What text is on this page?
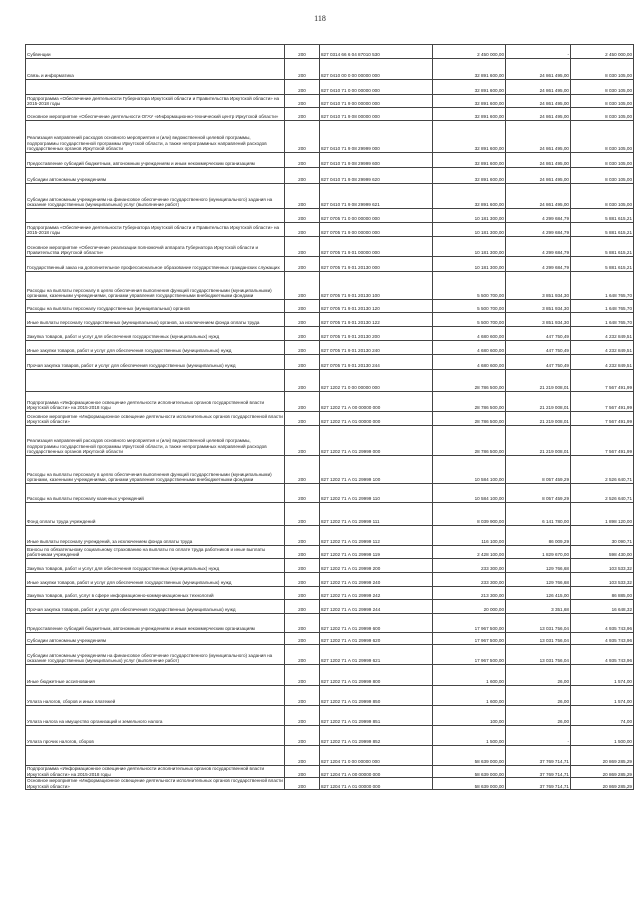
118
Субвенции	200	827 0314 66 6 04 87010 530	2 450 000,00	-	2 450 000,00
Связь и информатика	200	827 0410 00 0 00 00000 000	32 891 600,00	24 861 495,00	8 030 105,00
	200	827 0410 71 0 00 00000 000	32 891 600,00	24 861 495,00	8 030 105,00
Подпрограмма «Обеспечение деятельности Губернатора Иркутской области и Правительства Иркутской области» на 2015-2018 годы	200	827 0410 71 9 00 00000 000	32 891 600,00	24 861 495,00	8 030 105,00
Основное мероприятие «Обеспечение деятельности ОГАУ «Информационно-технический центр Иркутской области»	200	827 0410 71 9 08 00000 000	32 891 600,00	24 861 495,00	8 030 105,00
Реализация направлений расходов основного мероприятия и (или) ведомственной целевой программы, подпрограммы государственной программы Иркутской области, а также непрограммных направлений расходов государственных органов Иркутской области	200	827 0410 71 9 08 29999 000	32 891 600,00	24 861 495,00	8 030 105,00
Предоставление субсидий бюджетным, автономным учреждениям и иным некоммерческим организациям	200	827 0410 71 9 08 29999 600	32 891 600,00	24 861 495,00	8 030 105,00
Субсидии автономным учреждениям	200	827 0410 71 9 08 29999 620	32 891 600,00	24 861 495,00	8 030 105,00
Субсидии автономным учреждениям на финансовое обеспечение государственного (муниципального) задания на оказание государственных (муниципальных) услуг (выполнение работ)	200	827 0410 71 9 08 29999 621	32 891 600,00	24 861 495,00	8 030 105,00
	200	827 0705 71 0 00 00000 000	10 181 300,00	4 299 684,79	5 881 615,21
Подпрограмма «Обеспечение деятельности Губернатора Иркутской области и Правительства Иркутской области» на 2015-2018 годы	200	827 0705 71 9 00 00000 000	10 181 300,00	4 299 684,79	5 881 615,21
Основное мероприятие «Обеспечение реализации полномочий аппарата Губернатора Иркутской области и Правительства Иркутской области»	200	827 0705 71 9 01 00000 000	10 181 300,00	4 299 684,79	5 881 615,21
Государственный заказ на дополнительное профессиональное образование государственных гражданских служащих	200	827 0705 71 9 01 20130 000	10 181 300,00	4 299 684,79	5 881 615,21
Расходы на выплаты персоналу в целях обеспечения выполнения функций государственными (муниципальными) органами, казенными учреждениями, органами управления государственными внебюджетными фондами	200	827 0705 71 9 01 20130 100	5 500 700,00	3 851 934,30	1 648 765,70
Расходы на выплаты персоналу государственных (муниципальных) органов	200	827 0705 71 9 01 20130 120	5 500 700,00	3 851 934,30	1 648 765,70
Иные выплаты персоналу государственных (муниципальных) органов, за исключением фонда оплаты труда	200	827 0705 71 9 01 20130 122	5 500 700,00	3 851 934,30	1 648 765,70
Закупка товаров, работ и услуг для обеспечения государственных (муниципальных) нужд	200	827 0705 71 9 01 20130 200	4 680 600,00	447 750,49	4 232 849,51
Иные закупки товаров, работ и услуг для обеспечения государственных (муниципальных) нужд	200	827 0705 71 9 01 20130 240	4 680 600,00	447 750,49	4 232 849,51
Прочая закупка товаров, работ и услуг для обеспечения государственных (муниципальных) нужд	200	827 0705 71 9 01 20130 244	4 680 600,00	447 750,49	4 232 849,51
	200	827 1202 71 0 00 00000 000	28 786 500,00	21 219 008,01	7 567 491,99
Подпрограмма «Информационное освещение деятельности исполнительных органов государственной власти Иркутской области» на 2015-2018 годы	200	827 1202 71 А 00 00000 000	28 786 500,00	21 219 008,01	7 567 491,99
Основное мероприятие «Информационное освещение деятельности исполнительных органов государственной власти Иркутской области»	200	827 1202 71 А 01 00000 000	28 786 500,00	21 219 008,01	7 567 491,99
Реализация направлений расходов основного мероприятия и (или) ведомственной целевой программы, подпрограммы государственной программы Иркутской области, а также непрограммных направлений расходов государственных органов Иркутской области	200	827 1202 71 А 01 29999 000	28 786 500,00	21 219 008,01	7 567 491,99
Расходы на выплаты персоналу в целях обеспечения выполнения функций государственными (муниципальными) органами, казенными учреждениями, органами управления государственными внебюджетными фондами	200	827 1202 71 А 01 29999 100	10 584 100,00	8 057 459,29	2 526 640,71
Расходы на выплаты персоналу казенных учреждений	200	827 1202 71 А 01 29999 110	10 584 100,00	8 057 459,29	2 526 640,71
Фонд оплаты труда учреждений	200	827 1202 71 А 01 29999 111	8 039 900,00	6 141 780,00	1 898 120,00
Иные выплаты персоналу учреждений, за исключением фонда оплаты труда	200	827 1202 71 А 01 29999 112	116 100,00	86 009,29	30 090,71
Взносы по обязательному социальному страхованию на выплаты по оплате труда работников и иные выплаты работникам учреждений	200	827 1202 71 А 01 29999 119	2 428 100,00	1 829 670,00	598 430,00
Закупка товаров, работ и услуг для обеспечения государственных (муниципальных) нужд	200	827 1202 71 А 01 29999 200	233 300,00	129 766,68	103 533,32
Иные закупки товаров, работ и услуг для обеспечения государственных (муниципальных) нужд	200	827 1202 71 А 01 29999 240	233 300,00	129 766,68	103 533,32
Закупка товаров, работ, услуг в сфере информационно-коммуникационных технологий	200	827 1202 71 А 01 29999 242	213 300,00	126 415,00	86 885,00
Прочая закупка товаров, работ и услуг для обеспечения государственных (муниципальных) нужд	200	827 1202 71 А 01 29999 244	20 000,00	3 351,68	16 648,32
Предоставление субсидий бюджетным, автономным учреждениям и иным некоммерческим организациям	200	827 1202 71 А 01 29999 600	17 967 500,00	13 031 756,04	4 935 743,96
Субсидии автономным учреждениям	200	827 1202 71 А 01 29999 620	17 967 500,00	13 031 756,04	4 935 743,96
Субсидии автономным учреждениям на финансовое обеспечение государственного (муниципального) задания на оказание государственных (муниципальных) услуг (выполнение работ)	200	827 1202 71 А 01 29999 621	17 967 500,00	13 031 756,04	4 935 743,96
Иные бюджетные ассигнования	200	827 1202 71 А 01 29999 800	1 600,00	26,00	1 574,00
Уплата налогов, сборов и иных платежей	200	827 1202 71 А 01 29999 850	1 600,00	26,00	1 574,00
Уплата налога на имущество организаций и земельного налога	200	827 1202 71 А 01 29999 851	100,00	26,00	74,00
Уплата прочих налогов, сборов	200	827 1202 71 А 01 29999 852	1 500,00	-	1 500,00
	200	827 1204 71 0 00 00000 000	58 639 000,00	37 769 714,71	20 869 285,29
Подпрограмма «Информационное освещение деятельности исполнительных органов государственной власти Иркутской области» на 2015-2018 годы	200	827 1204 71 А 00 00000 000	58 639 000,00	37 769 714,71	20 869 285,29
Основное мероприятие «Информационное освещение деятельности исполнительных органов государственной власти Иркутской области»	200	827 1204 71 А 01 00000 000	58 639 000,00	37 769 714,71	20 869 285,29
